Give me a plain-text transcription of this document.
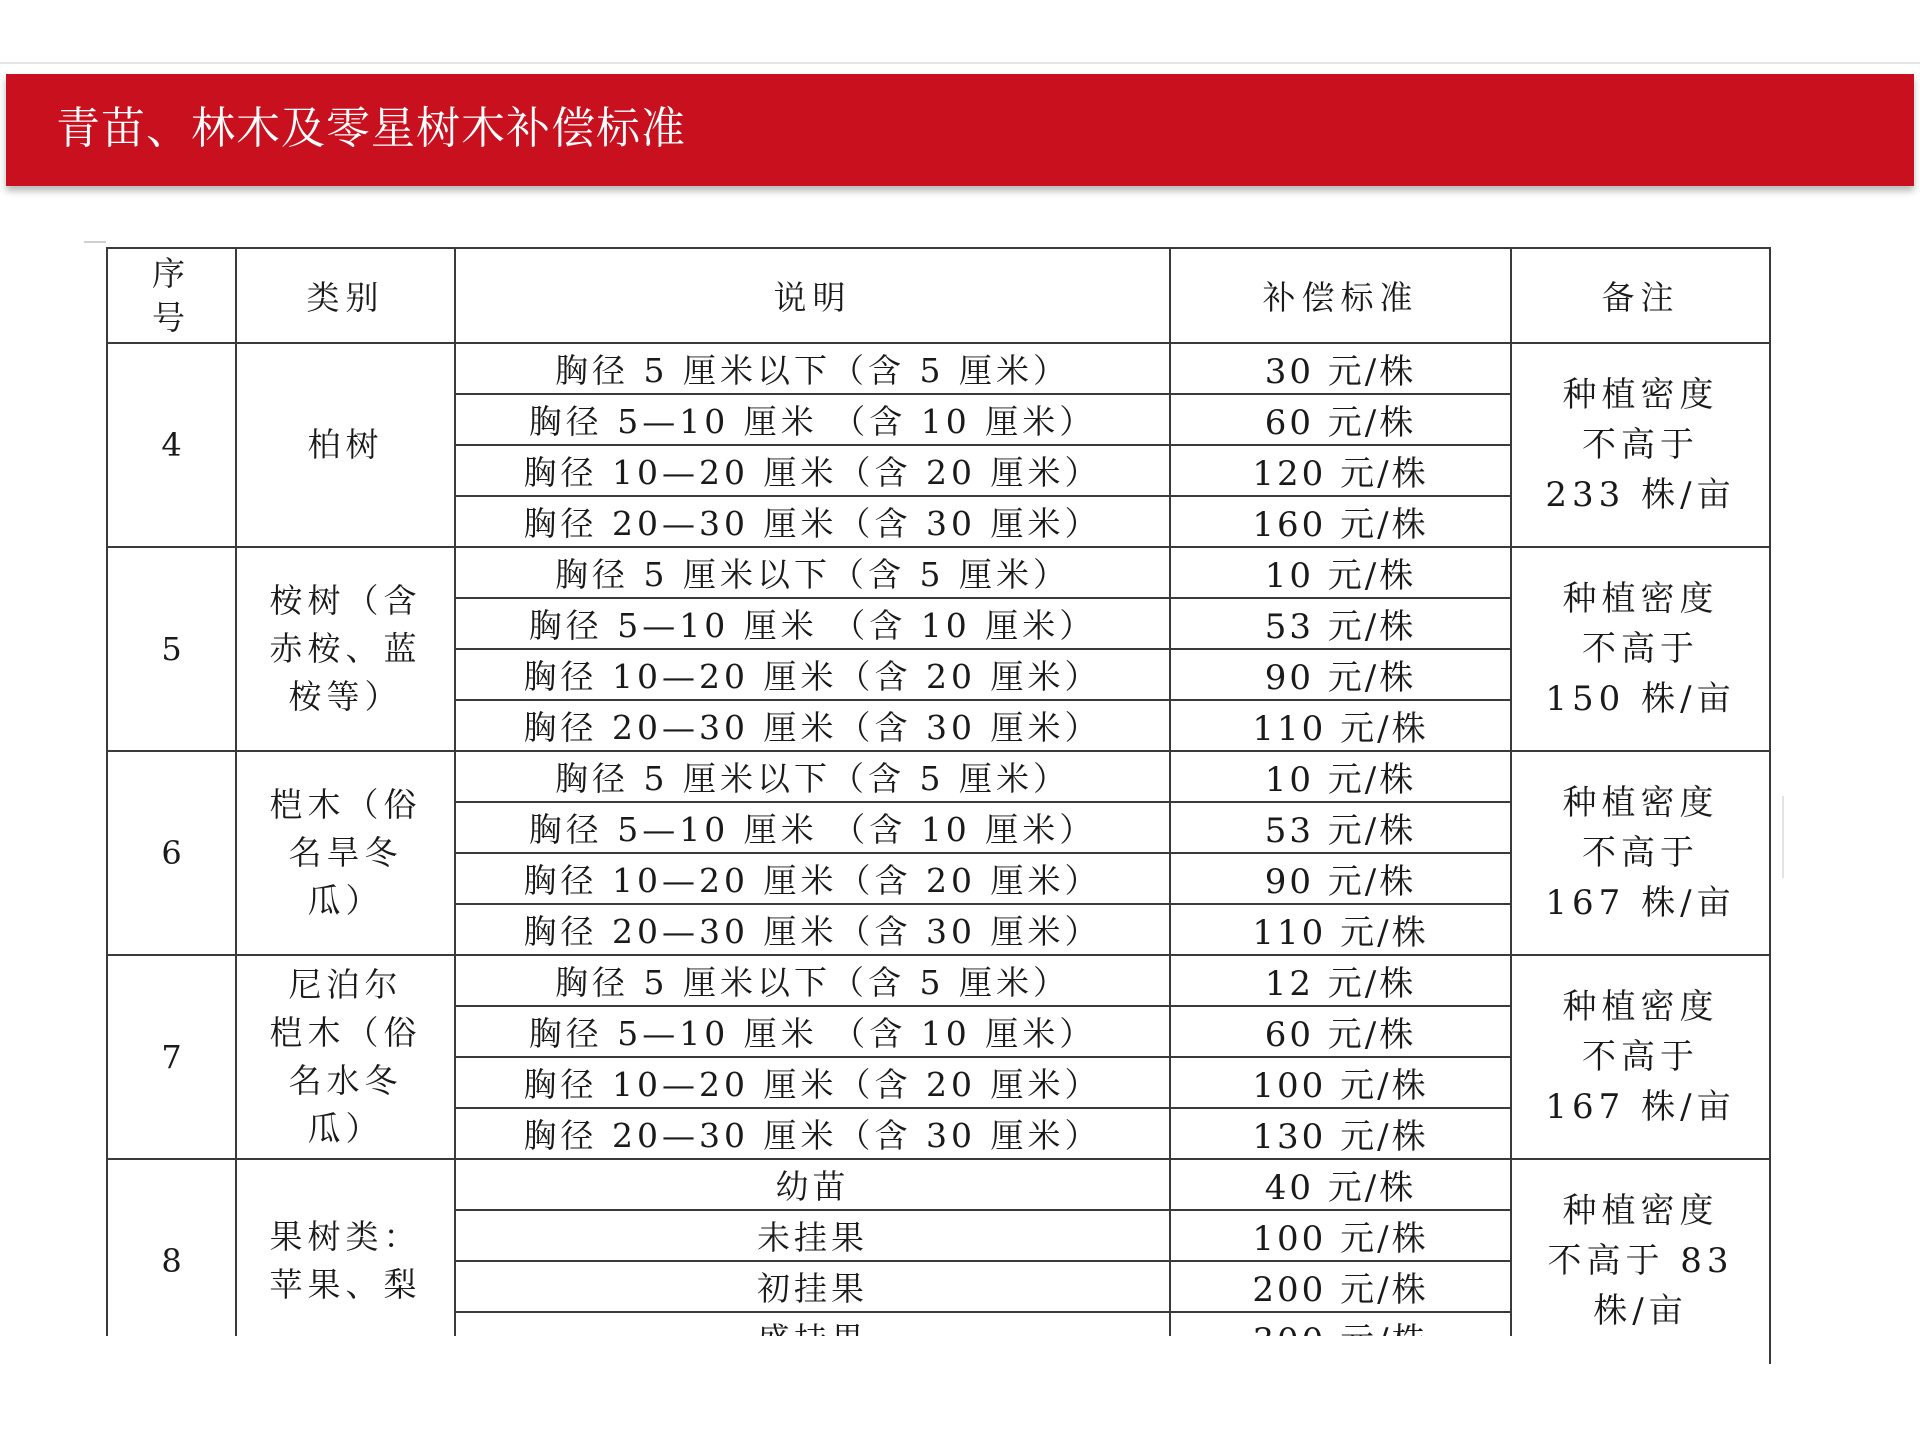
青苗、林木及零星树木补偿标准
序
号	类别	说明	补偿标准	备注
4	柏树	胸径 5 厘米以下（含 5 厘米）	30 元/株	种植密度
不高于
233 株/亩
		胸径 5—10 厘米 （含 10 厘米）	60 元/株	
		胸径 10—20 厘米（含 20 厘米）	120 元/株	
		胸径 20—30 厘米（含 30 厘米）	160 元/株	
5	桉树（含
赤桉、蓝
桉等）	胸径 5 厘米以下（含 5 厘米）	10 元/株	种植密度
不高于
150 株/亩
		胸径 5—10 厘米 （含 10 厘米）	53 元/株	
		胸径 10—20 厘米（含 20 厘米）	90 元/株	
		胸径 20—30 厘米（含 30 厘米）	110 元/株	
6	桤木（俗
名旱冬
瓜）	胸径 5 厘米以下（含 5 厘米）	10 元/株	种植密度
不高于
167 株/亩
		胸径 5—10 厘米 （含 10 厘米）	53 元/株	
		胸径 10—20 厘米（含 20 厘米）	90 元/株	
		胸径 20—30 厘米（含 30 厘米）	110 元/株	
7	尼泊尔
桤木（俗
名水冬
瓜）	胸径 5 厘米以下（含 5 厘米）	12 元/株	种植密度
不高于
167 株/亩
		胸径 5—10 厘米 （含 10 厘米）	60 元/株	
		胸径 10—20 厘米（含 20 厘米）	100 元/株	
		胸径 20—30 厘米（含 30 厘米）	130 元/株	
8	果树类：
苹果、梨	幼苗	40 元/株	种植密度
不高于 83
株/亩
		未挂果	100 元/株	
		初挂果	200 元/株	
